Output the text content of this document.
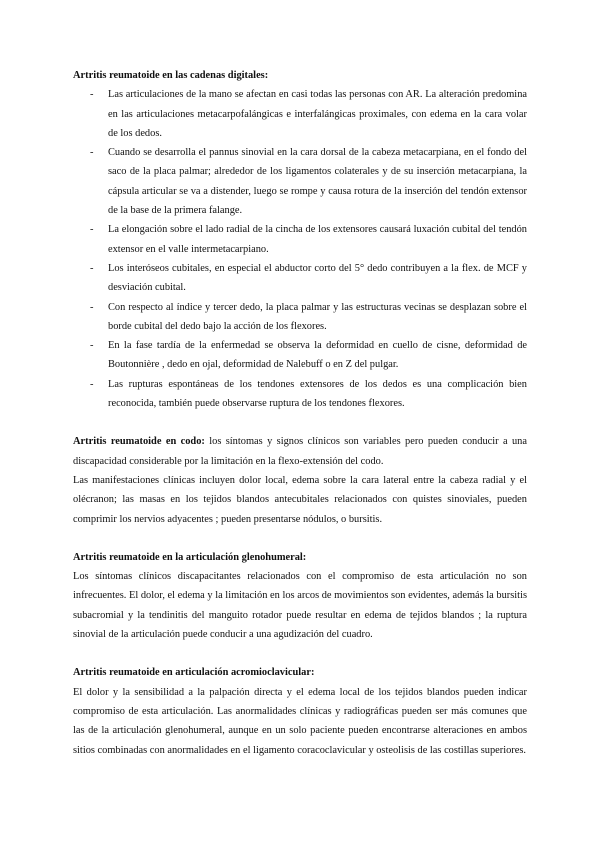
Artritis reumatoide en las cadenas digitales:
- Las articulaciones de la mano se afectan en casi todas las personas con AR. La alteración predomina en las articulaciones metacarpofalángicas e interfalángicas proximales, con edema en la cara volar de los dedos.
- Cuando se desarrolla el pannus sinovial en la cara dorsal de la cabeza metacarpiana, en el fondo del saco de la placa palmar; alrededor de los ligamentos colaterales y de su inserción metacarpiana, la cápsula articular se va a distender, luego se rompe y causa rotura de la inserción del tendón extensor de la base de la primera falange.
- La elongación sobre el lado radial de la cincha de los extensores causará luxación cubital del tendón extensor en el valle intermetacarpiano.
- Los interóseos cubitales, en especial el abductor corto del 5° dedo contribuyen a la flex. de MCF y desviación cubital.
- Con respecto al índice y tercer dedo, la placa palmar y las estructuras vecinas se desplazan sobre el borde cubital del dedo bajo la acción de los flexores.
- En la fase tardía de la enfermedad se observa la deformidad en cuello de cisne, deformidad de Boutonnière , dedo en ojal, deformidad de Nalebuff o en Z del pulgar.
- Las rupturas espontáneas de los tendones extensores de los dedos es una complicación bien reconocida, también puede observarse ruptura de los tendones flexores.

Artritis reumatoide en codo: los síntomas y signos clínicos son variables pero pueden conducir a una discapacidad considerable por la limitación en la flexo-extensión del codo.

Las manifestaciones clínicas incluyen dolor local, edema sobre la cara lateral entre la cabeza radial y el olécranon; las masas en los tejidos blandos antecubitales relacionados con quistes sinoviales, pueden comprimir los nervios adyacentes ; pueden presentarse nódulos, o bursitis.

Artritis reumatoide en la articulación glenohumeral:

Los síntomas clínicos discapacitantes relacionados con el compromiso de esta articulación no son infrecuentes. El dolor, el edema y la limitación en los arcos de movimientos son evidentes, además la bursitis subacromial y la tendinitis del manguito rotador puede resultar en edema de tejidos blandos ; la ruptura sinovial de la articulación puede conducir a una agudización del cuadro.

Artritis reumatoide en articulación acromioclavicular:

El dolor y la sensibilidad a la palpación directa y el edema local de los tejidos blandos pueden indicar compromiso de esta articulación. Las anormalidades clínicas y radiográficas pueden ser más comunes que las de la articulación glenohumeral, aunque en un solo paciente pueden encontrarse alteraciones en ambos sitios combinadas con anormalidades en el ligamento coracoclavicular y osteolisis de las costillas superiores.
